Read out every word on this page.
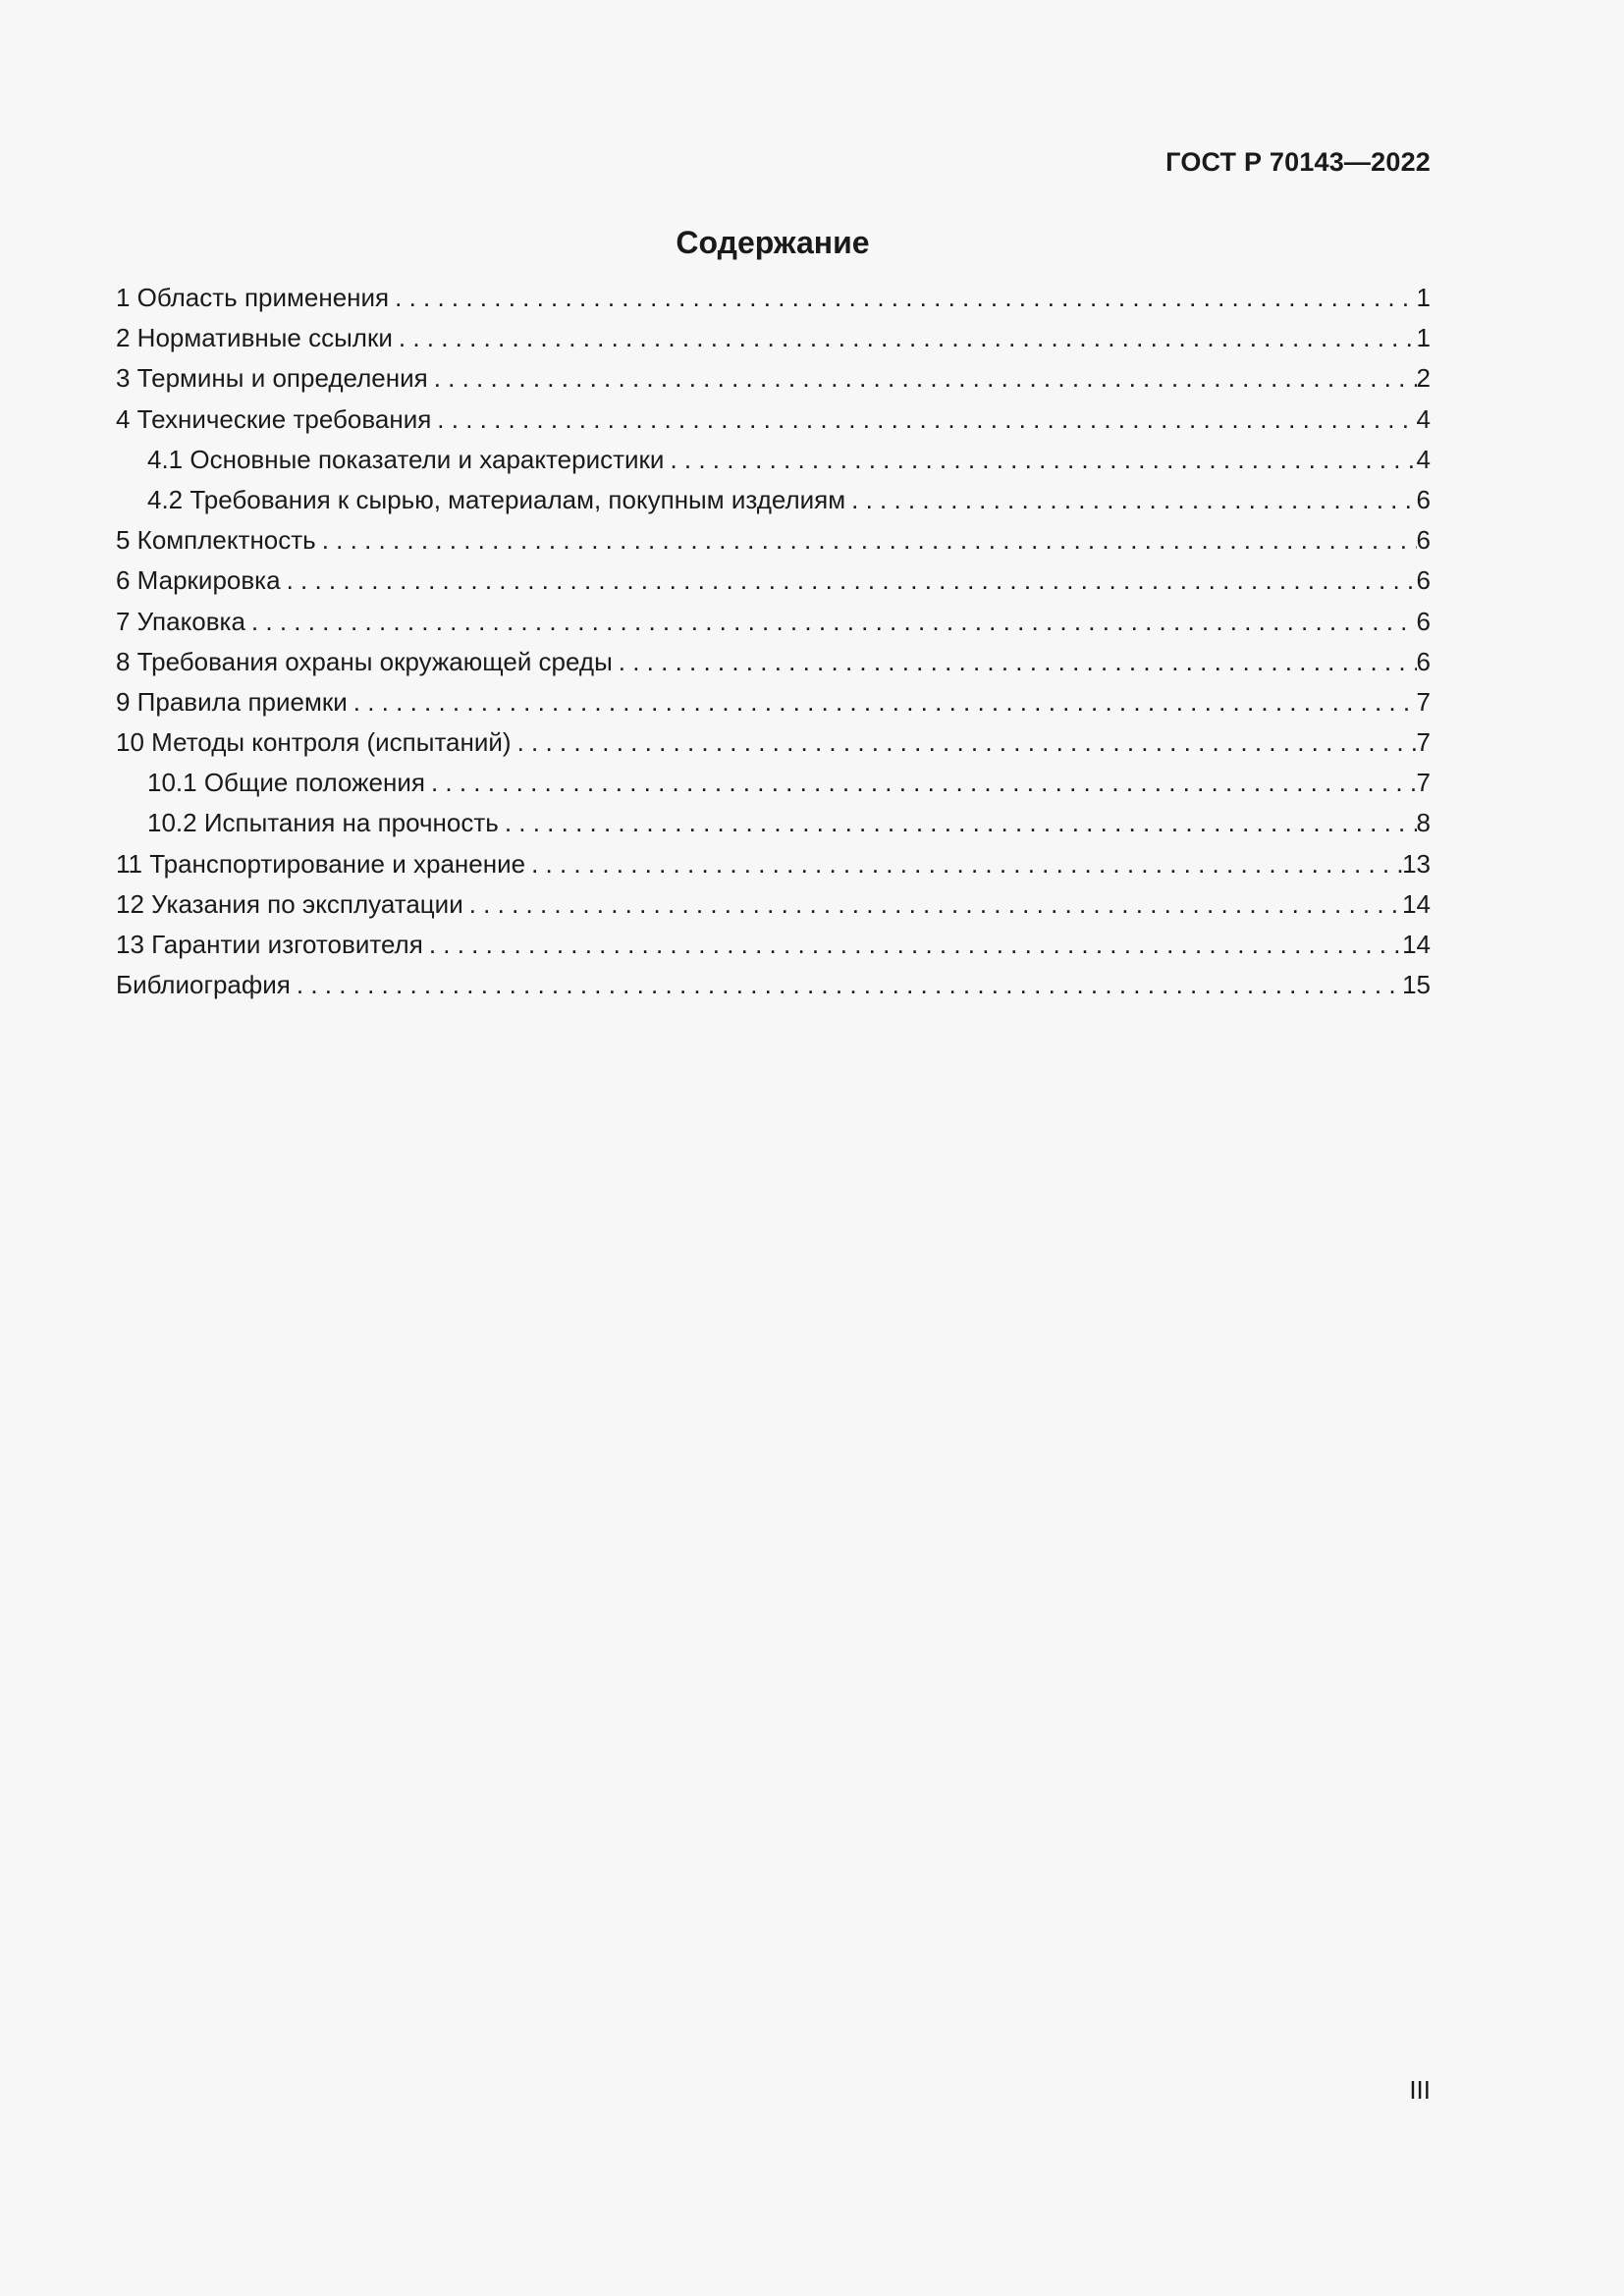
ГОСТ Р 70143—2022
Содержание
1 Область применения . . .	1
2 Нормативные ссылки . . .	1
3 Термины и определения . . .	2
4 Технические требования . . .	4
4.1 Основные показатели и характеристики . . .	4
4.2 Требования к сырью, материалам, покупным изделиям . . .	6
5 Комплектность . . .	6
6 Маркировка . . .	6
7 Упаковка . . .	6
8 Требования охраны окружающей среды . . .	6
9 Правила приемки . . .	7
10 Методы контроля (испытаний) . . .	7
10.1 Общие положения . . .	7
10.2 Испытания на прочность . . .	8
11 Транспортирование и хранение . . .	13
12 Указания по эксплуатации . . .	14
13 Гарантии изготовителя . . .	14
Библиография . . .	15
III
